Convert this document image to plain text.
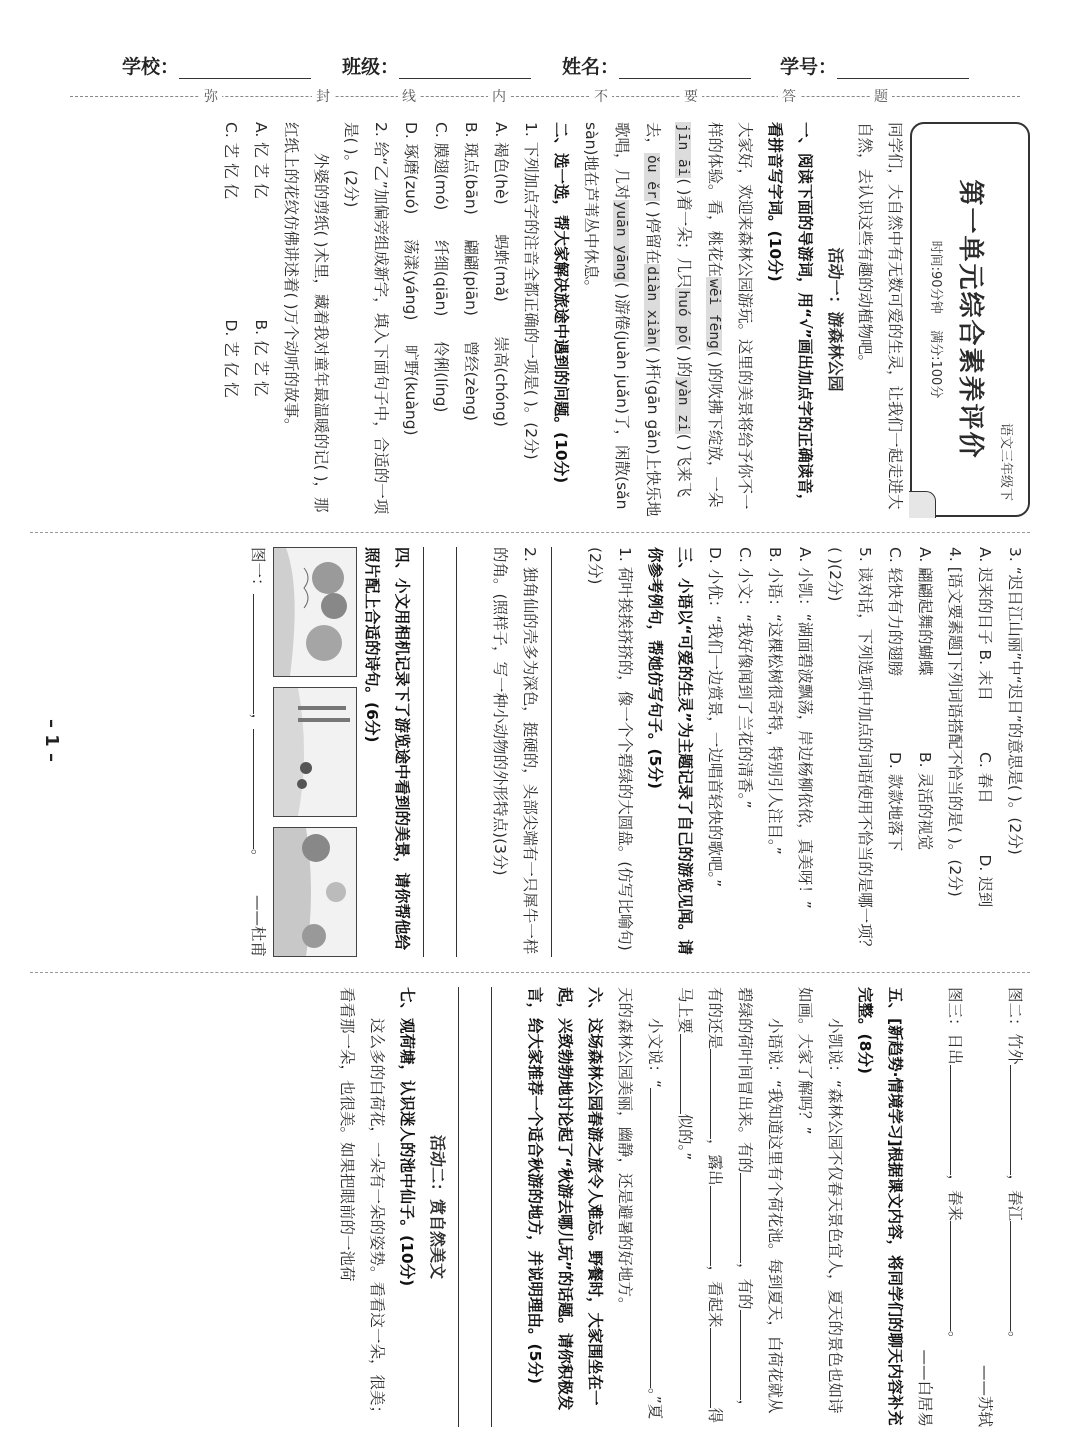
学校：	班级：	姓名：	学号：
弥	封	线	内	不	要	答	题
– 1 –
语文三年级下
第一单元综合素养评价
时间:90分钟    满分:100分

同学们，大自然中有无数可爱的生灵，让我们一起走进大自然，去认识这些有趣的动植物吧。

活动一：游森林公园

一、阅读下面的导游词，用“√”画出加点字的正确读音，看拼音写字词。(10分)

大家好，欢迎来森林公园游玩。这里的美景将给予你不一样的体验。看，桃花在wēi fēng( )的吹拂下绽放，一朵jīn āi( )着一朵；几只huó pō( )的yàn zi( )飞来飞去，ǒu ěr( )停留在diàn xiàn( )杆(gān gǎn)上快乐地歌唱，几对yuān yāng( )游倦(juàn juǎn)了，闲散(sǎn sàn)地在芦苇丛中休息。

二、选一选，帮大家解决旅途中遇到的问题。(10分)

1. 下列加点字的注音全都正确的一项是( )。(2分)

A. 褐色(hè)      蚂蚱(mǎ)       崇高(chóng)

B. 斑点(bān)     翩翩(piān)     曾经(zèng)

C. 膜翅(mó)      纤细(qiān)     伶俐(líng)

D. 琢磨(zuó)     荡漾(yáng)     旷野(kuàng)

2. 给“乙”加偏旁组成新字，填入下面句子中，合适的一项是( )。(2分)

外婆的剪纸( )术里，藏着我对童年最温暖的记( )，那红纸上的花纹仿佛讲述着( )万个动听的故事。

A. 忆 艺 亿
B. 亿 艺 忆
C. 艺 忆 亿
D. 艺 亿 忆

3. “迟日江山丽”中“迟日”的意思是( )。(2分)

A. 迟来的日子
B. 末日
C. 春日
D. 迟到

4. [语文要素题]下列词语搭配不恰当的是( )。(2分)

A. 翩翩起舞的蝴蝶
B. 灵活的视觉
C. 轻快有力的翅膀
D. 款款地落下

5. 读对话，下列选项中加点的词语使用不恰当的是哪一项？( )(2分)

A. 小凯：“湖面碧波飘荡，岸边杨柳依依，真美呀！”

B. 小语：“这棵松树很奇特，特别引人注目。”

C. 小文：“我好像闻到了兰花的清香。”

D. 小优：“我们一边赏景，一边唱首轻快的歌吧。”

三、小语以“可爱的生灵”为主题记录了自己的游览见闻。请你参考例句，帮她仿写句子。(5分)

1. 荷叶挨挨挤挤的，像一个个碧绿的大圆盘。(仿写比喻句)(2分)

2. 独角仙的壳多为深色，挺硬的，头部尖端有一只犀牛一样的角。(照样子，写一种小动物的外形特点)(3分)

四、小文用相机记录下了游览途中看到的美景，请你帮他给照片配上合适的诗句。(6分)

图一：，。
——杜甫

图二：竹外，春江。

——苏轼

图三：日出，春来。

——白居易

五、[新趋势·情境学习]根据课文内容，将同学们的聊天内容补充完整。(8分)

小凯说：“森林公园不仅春天景色宜人，夏天的景色也如诗如画。大家了解吗？”

小语说：“我知道这里有个荷花池。每到夏天，白荷花就从碧绿的荷叶间冒出来。有的，有的，有的还是，露出，看起来得马上要似的。”

小文说：“。”夏天的森林公园美丽，幽静，还是避暑的好地方。

六、这场森林公园春游之旅令人难忘。野餐时，大家围坐在一起，兴致勃勃地讨论起了“秋游去哪儿玩”的话题。请你积极发言，给大家推荐一个适合秋游的地方，并说明理由。(5分)

活动二：赏自然美文

七、观荷塘，认识迷人的池中仙子。(10分)

这么多的白荷花，一朵有一朵的姿势。看看这一朵，很美；看看那一朵，也很美。如果把眼前的一池荷
